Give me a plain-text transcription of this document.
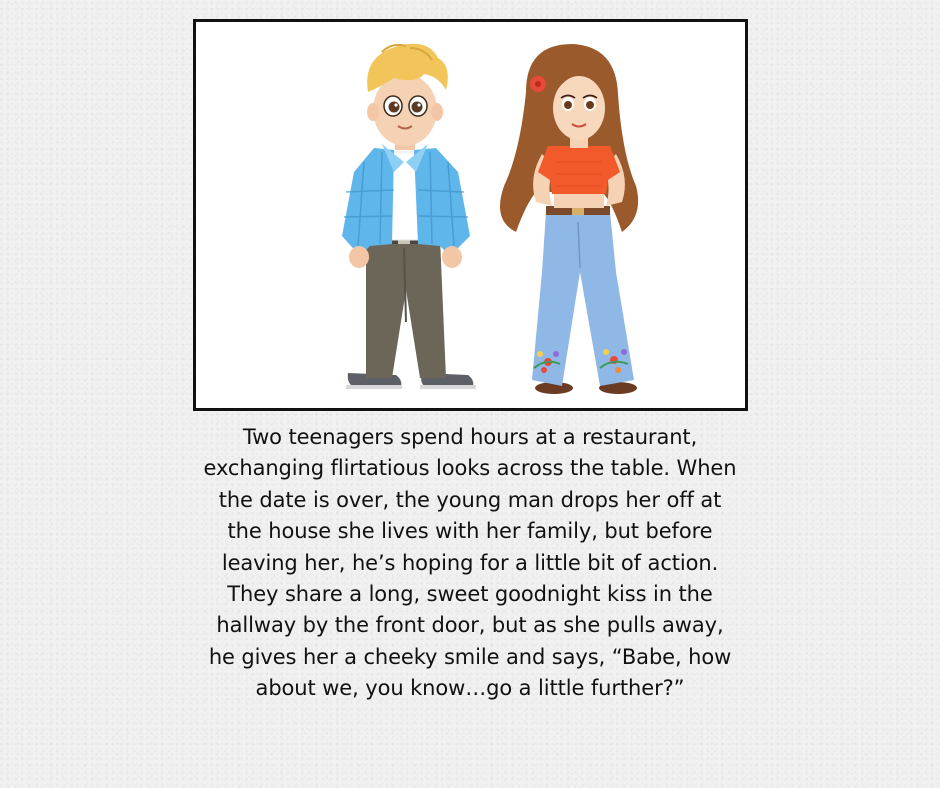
Two teenagers spend hours at a restaurant,
exchanging flirtatious looks across the table. When
the date is over, the young man drops her off at
the house she lives with her family, but before
leaving her, he’s hoping for a little bit of action.
They share a long, sweet goodnight kiss in the
hallway by the front door, but as she pulls away,
he gives her a cheeky smile and says, “Babe, how
about we, you know…go a little further?”
